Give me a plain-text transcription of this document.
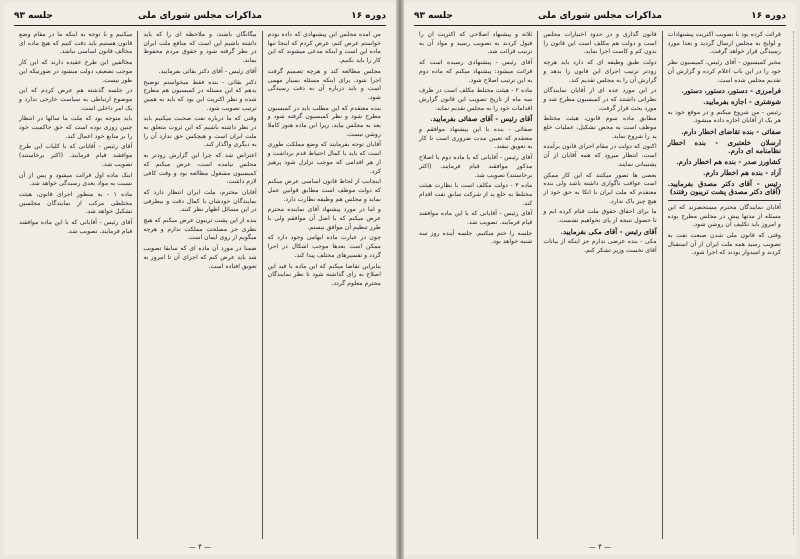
دوره ۱۶
مذاکرات مجلس شورای ملی
جلسه ۹۳

من آمده مجلس این پیشنهادی که داده بودم خواستم عرض کنم، عرض کردم که اینجا تنها ماده این است و اینکه مدعی میشوند که این کار را باید بکنیم.

مجلس مطالعه کند و هرچه تصمیم گرفت اجرا شود. برای اینکه مسئله بسیار مهمی است و باید درباره آن به دقت رسیدگی شود.

بنده معتقدم که این مطلب باید در کمیسیون مطرح شود و نظر کمیسیون گرفته شود و بعد به مجلس بیاید، زیرا این ماده هنوز کاملا روشن نیست.

آقایان توجه بفرمایند که وضع مملکت طوری است که باید با کمال احتیاط قدم برداشت و از هر اقدامی که موجب تزلزل شود پرهیز کرد.

اینجانب از لحاظ قانون اساسی عرض میکنم که دولت موظف است مطابق قوانین عمل نماید و مجلس هم وظیفه نظارت دارد.

و اما در مورد پیشنهاد آقای نماینده محترم عرض میکنم که با اصل آن موافقم ولی با طرز تنظیم آن موافق نیستم.

چون در عبارت ماده ابهامی وجود دارد که ممکن است بعدها موجب اشکال در اجرا گردد و تفسیرهای مختلف پیدا کند.

بنابراین تقاضا میکنم که این ماده با قید این اصلاح به رای گذاشته شود تا نظر نمایندگان محترم معلوم گردد.

بیگانگان باشند، و ملاحظه ای را که باید داشته باشیم این است که منافع ملت ایران در نظر گرفته شود و حقوق مردم محفوظ بماند.

آقای رئیس - آقای دکتر بقائی بفرمایید.

دکتر بقائی - بنده فقط میخواستم توضیح بدهم که این مسئله در کمیسیون هم مطرح شده و نظر اکثریت این بود که باید به همین ترتیب تصویب شود.

وقتی که ما درباره نفت صحبت میکنیم باید در نظر داشته باشیم که این ثروت متعلق به ملت ایران است و هیچکس حق ندارد آن را به دیگری واگذار کند.

اعتراض شد که چرا این گزارش زودتر به مجلس نیامده است، عرض میکنم که کمیسیون مشغول مطالعه بود و وقت کافی لازم داشت.

آقایان محترم، ملت ایران انتظار دارد که نمایندگان خودشان با کمال دقت و بیطرفی در این مسائل اظهار نظر کنند.

بنده از این پشت تریبون عرض میکنم که هیچ نظری جز مصلحت مملکت ندارم و هرچه میگویم از روی ایمان است.

ضمنا در مورد آن ماده ای که سابقا تصویب شد باید عرض کنم که اجرای آن تا امروز به تعویق افتاده است.

میکنیم و با توجه به اینکه ما در مقام وضع قانون هستیم باید دقت کنیم که هیچ ماده ای مخالف قانون اساسی نباشد.

مخالفین این طرح عقیده دارند که این کار موجب تضعیف دولت میشود در صورتیکه این طور نیست.

در جلسه گذشته هم عرض کردم که این موضوع ارتباطی به سیاست خارجی ندارد و یک امر داخلی است.

باید متوجه بود که ملت ما سالها در انتظار چنین روزی بوده است که حق حاکمیت خود را بر منابع خود اعمال کند.

آقای رئیس - آقایانی که با کلیات این طرح موافقند قیام فرمایند. (اکثر برخاستند) تصویب شد.

اینک ماده اول قرائت میشود و پس از آن نسبت به مواد بعدی رسیدگی خواهد شد.

ماده ۱ - به منظور اجرای قانون، هیئت مختلطی مرکب از نمایندگان مجلسین تشکیل خواهد شد.

آقای رئیس - آقایانی که با این ماده موافقند قیام فرمایند. تصویب شد.

— ۴ —
دوره ۱۶
مذاکرات مجلس شورای ملی
جلسه ۹۳

قرائت کرده بود با تصویب اکثریت پیشنهادات و لوایح به مجلس ارسال گردید و بعدا مورد رسیدگی قرار خواهد گرفت.

مخبر کمیسیون - آقای رئیس، کمیسیون نظر خود را در این باب اعلام کرده و گزارش آن تقدیم مجلس شده است.

فرامرزی - دستور، دستور، دستور.

شوشتری - اجازه بفرمایید.

رئیس - من شروع میکنم و در موقع خود به هر یک از آقایان اجازه داده میشود.

صفائی - بنده تقاضای اخطار دارم.

ارسلان خلعتبری - بنده اخطار نظامنامه ای دارم.

کشاورز صدر - بنده هم اخطار دارم.

آزاد - بنده هم اخطار دارم.

رئیس - آقای دکتر مصدق بفرمایید. (آقای دکتر مصدق پشت تریبون رفتند)

آقایان نمایندگان محترم مستحضرند که این مسئله از مدتها پیش در مجلس مطرح بوده و امروز باید تکلیف آن روشن شود.

وقتی که قانون ملی شدن صنعت نفت به تصویب رسید همه ملت ایران از آن استقبال کردند و امیدوار بودند که اجرا شود.

قانون گذاری و در حدود اختیارات مجلس است و دولت هم مکلف است این قانون را بدون کم و کاست اجرا نماید.

دولت طبق وظیفه ای که دارد باید هرچه زودتر ترتیب اجرای این قانون را بدهد و گزارش آن را به مجلس تقدیم کند.

در این مورد عده ای از آقایان نمایندگان نظراتی داشتند که در کمیسیون مطرح شد و مورد بحث قرار گرفت.

مطابق ماده سوم قانون، هیئت مختلط موظف است به محض تشکیل، عملیات خلع ید را شروع نماید.

اکنون که دولت در مقام اجرای قانون برآمده است، انتظار میرود که همه آقایان از آن پشتیبانی نمایند.

بعضی ها تصور میکنند که این کار ممکن است عواقب ناگواری داشته باشد ولی بنده معتقدم که ملت ایران با اتکا به حق خود از هیچ چیز باک ندارد.

ما برای احقاق حقوق ملت قیام کرده ایم و تا حصول نتیجه از پای نخواهیم نشست.

آقای رئیس - آقای مکی بفرمایید.

مکی - بنده عرضی ندارم جز اینکه از بیانات آقای نخست وزیر تشکر کنم.

ثلاثه و پیشنهاد اصلاحی که اکثریت آن را قبول کردند به تصویب رسید و مواد آن به ترتیب قرائت شد.

آقای رئیس - پیشنهادی رسیده است که قرائت میشود: پیشنهاد میکنم که ماده دوم به این ترتیب اصلاح شود.

ماده ۲ - هیئت مختلط مکلف است در ظرف سه ماه از تاریخ تصویب این قانون گزارش اقدامات خود را به مجلس تقدیم نماید.

آقای رئیس - آقای صفائی بفرمایید.

صفائی - بنده با این پیشنهاد موافقم و معتقدم که تعیین مدت ضروری است تا کار به تعویق نیفتد.

آقای رئیس - آقایانی که با ماده دوم با اصلاح مذکور موافقند قیام فرمایند. (اکثر برخاستند) تصویب شد.

ماده ۳ - دولت مکلف است با نظارت هیئت مختلط به خلع ید از شرکت سابق نفت اقدام کند.

آقای رئیس - آقایانی که با این ماده موافقند قیام فرمایند. تصویب شد.

جلسه را ختم میکنیم. جلسه آینده روز سه شنبه خواهد بود.

— ۴ —
